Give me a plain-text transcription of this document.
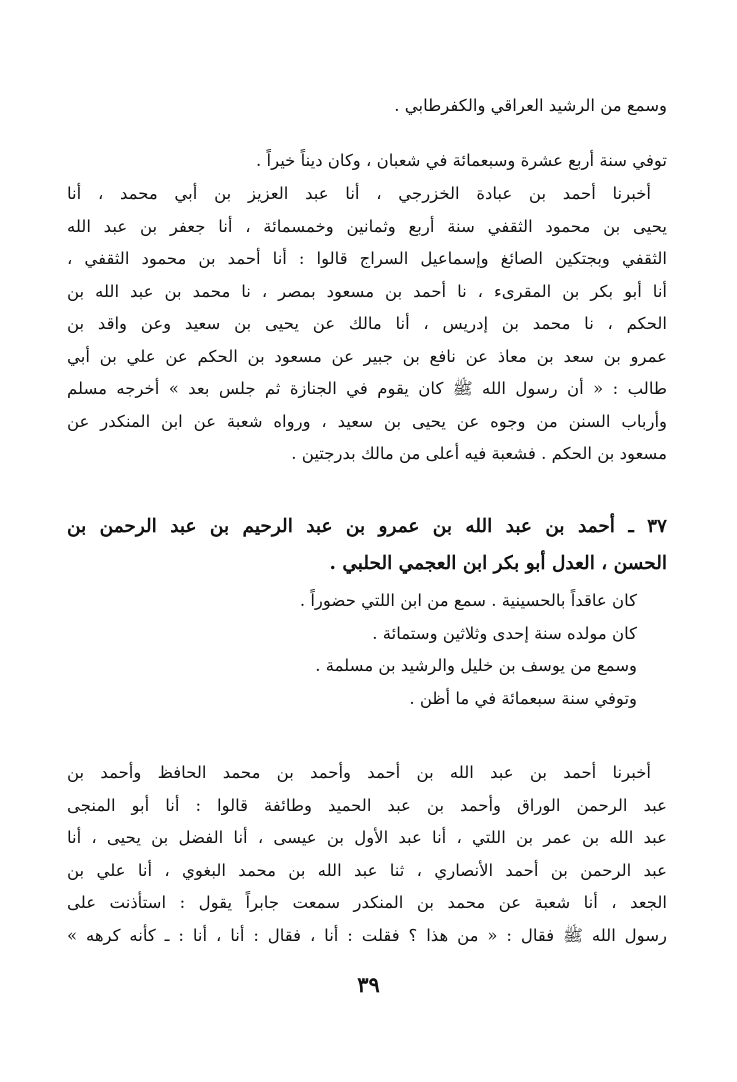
وسمع من الرشيد العراقي والكفرطابي .
توفي سنة أربع عشرة وسبعمائة في شعبان ، وكان ديناً خيراً .
أخبرنا أحمد بن عبادة الخزرجي ، أنا عبد العزيز بن أبي محمد ، أنا
يحيى بن محمود الثقفي سنة أربع وثمانين وخمسمائة ، أنا جعفر بن عبد الله
الثقفي وبجتكين الصائغ وإسماعيل السراج قالوا : أنا أحمد بن محمود الثقفي ،
أنا أبو بكر بن المقرىء ، نا أحمد بن مسعود بمصر ، نا محمد بن عبد الله بن
الحكم ، نا محمد بن إدريس ، أنا مالك عن يحيى بن سعيد وعن واقد بن
عمرو بن سعد بن معاذ عن نافع بن جبير عن مسعود بن الحكم عن علي بن أبي
طالب : « أن رسول الله ﷺ كان يقوم في الجنازة ثم جلس بعد » أخرجه مسلم
وأرباب السنن من وجوه عن يحيى بن سعيد ، ورواه شعبة عن ابن المنكدر عن
مسعود بن الحكم . فشعبة فيه أعلى من مالك بدرجتين .
٣٧ ـ أحمد بن عبد الله بن عمرو بن عبد الرحيم بن عبد الرحمن بن
الحسن ، العدل أبو بكر ابن العجمي الحلبي .
كان عاقداً بالحسينية . سمع من ابن اللتي حضوراً .
كان مولده سنة إحدى وثلاثين وستمائة .
وسمع من يوسف بن خليل والرشيد بن مسلمة .
وتوفي سنة سبعمائة في ما أظن .
أخبرنا أحمد بن عبد الله بن أحمد وأحمد بن محمد الحافظ وأحمد بن
عبد الرحمن الوراق وأحمد بن عبد الحميد وطائفة قالوا : أنا أبو المنجى
عبد الله بن عمر بن اللتي ، أنا عبد الأول بن عيسى ، أنا الفضل بن يحيى ، أنا
عبد الرحمن بن أحمد الأنصاري ، ثنا عبد الله بن محمد البغوي ، أنا علي بن
الجعد ، أنا شعبة عن محمد بن المنكدر سمعت جابراً يقول : استأذنت على
رسول الله ﷺ فقال : « من هذا ؟ فقلت : أنا ، فقال : أنا ، أنا : ـ كأنه كرهه »
٣٩
